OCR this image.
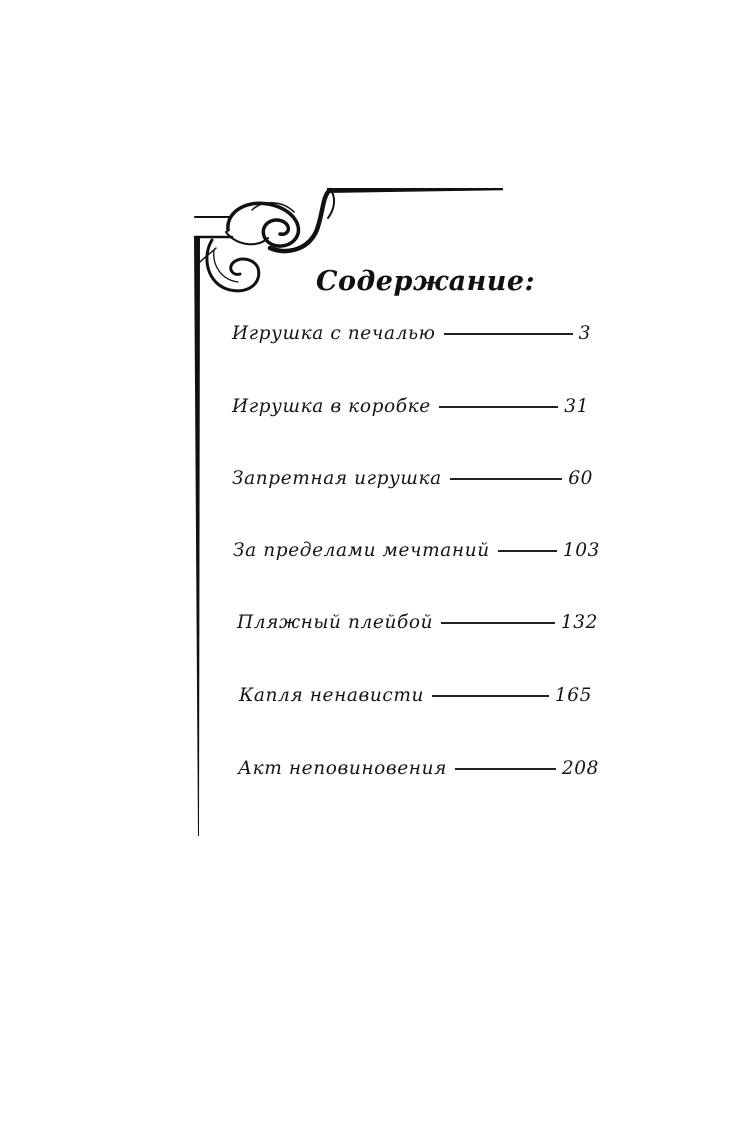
Содержание:
Игрушка с печалью	3
Игрушка в коробке	31
Запретная игрушка	60
За пределами мечтаний	103
Пляжный плейбой	132
Капля ненависти	165
Акт неповиновения	208
